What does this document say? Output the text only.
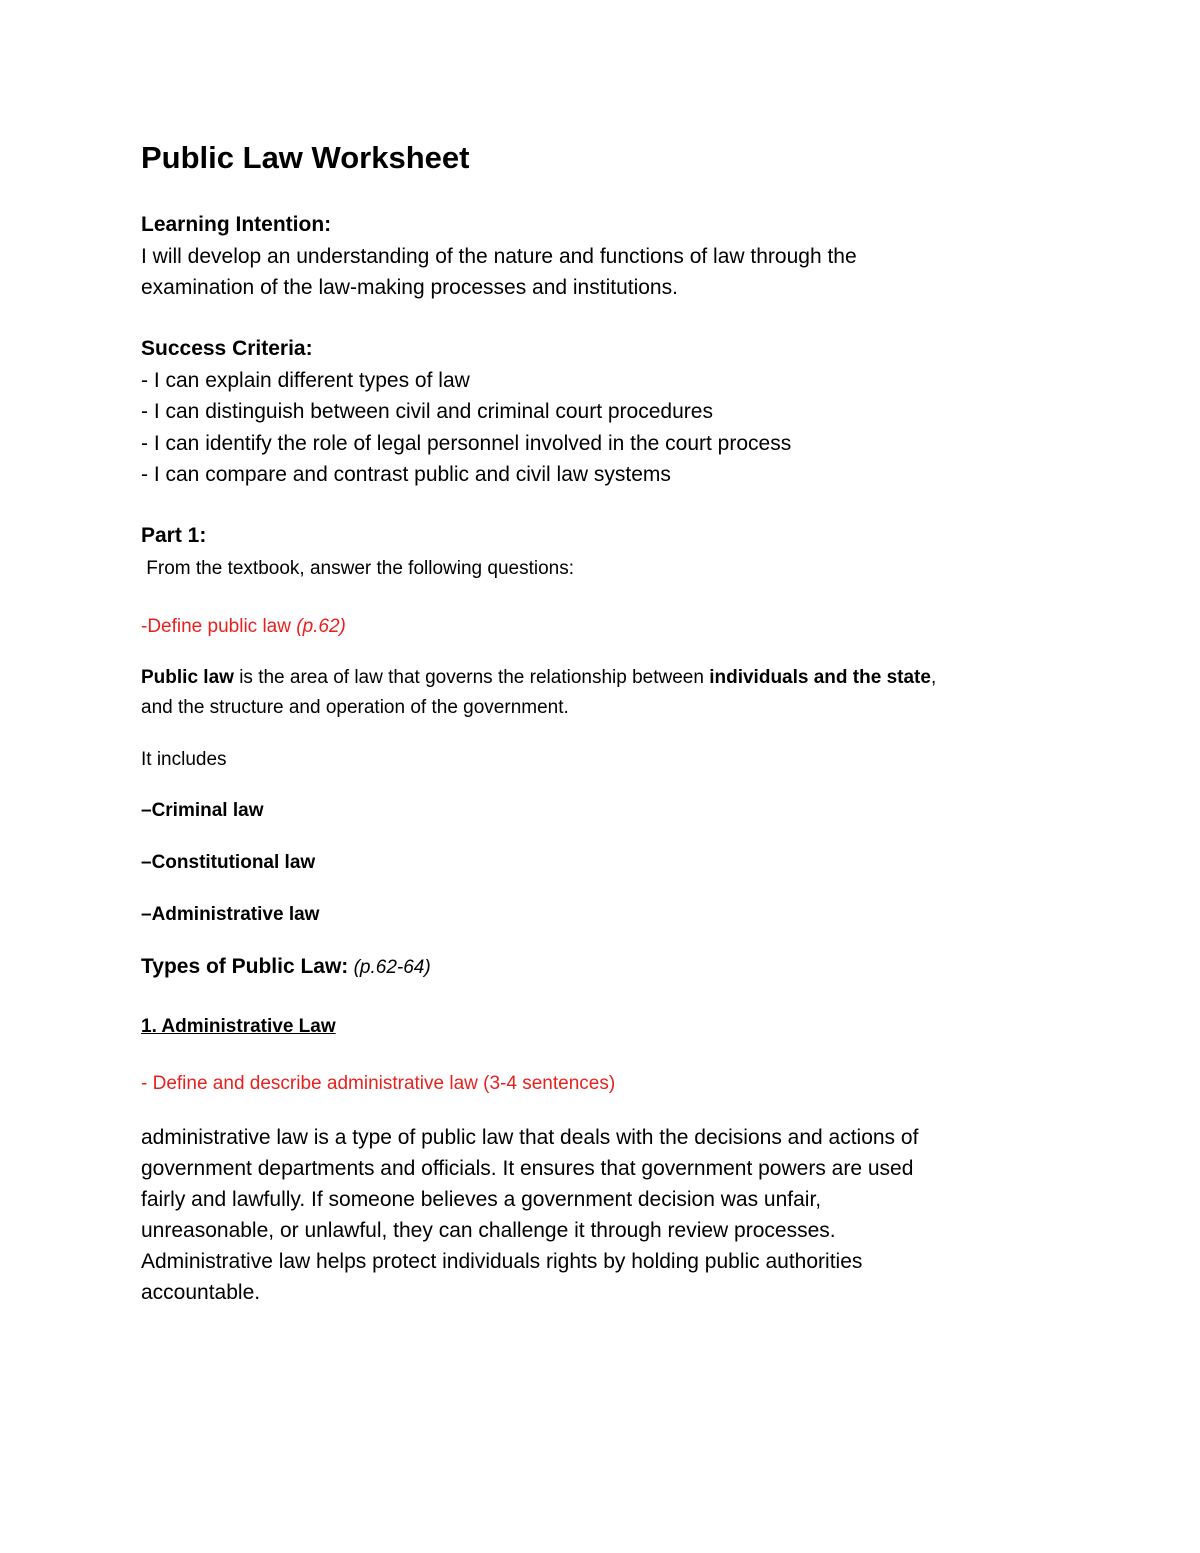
Public Law Worksheet
Learning Intention:
I will develop an understanding of the nature and functions of law through the
examination of the law-making processes and institutions.
Success Criteria:
- I can explain different types of law
- I can distinguish between civil and criminal court procedures
- I can identify the role of legal personnel involved in the court process
- I can compare and contrast public and civil law systems
Part 1:
From the textbook, answer the following questions:
-Define public law (p.62)
Public law is the area of law that governs the relationship between individuals and the state,
and the structure and operation of the government.
It includes
–Criminal law
–Constitutional law
–Administrative law
Types of Public Law: (p.62-64)
1. Administrative Law
- Define and describe administrative law (3-4 sentences)
administrative law is a type of public law that deals with the decisions and actions of
government departments and officials. It ensures that government powers are used
fairly and lawfully. If someone believes a government decision was unfair,
unreasonable, or unlawful, they can challenge it through review processes.
Administrative law helps protect individuals rights by holding public authorities
accountable.
